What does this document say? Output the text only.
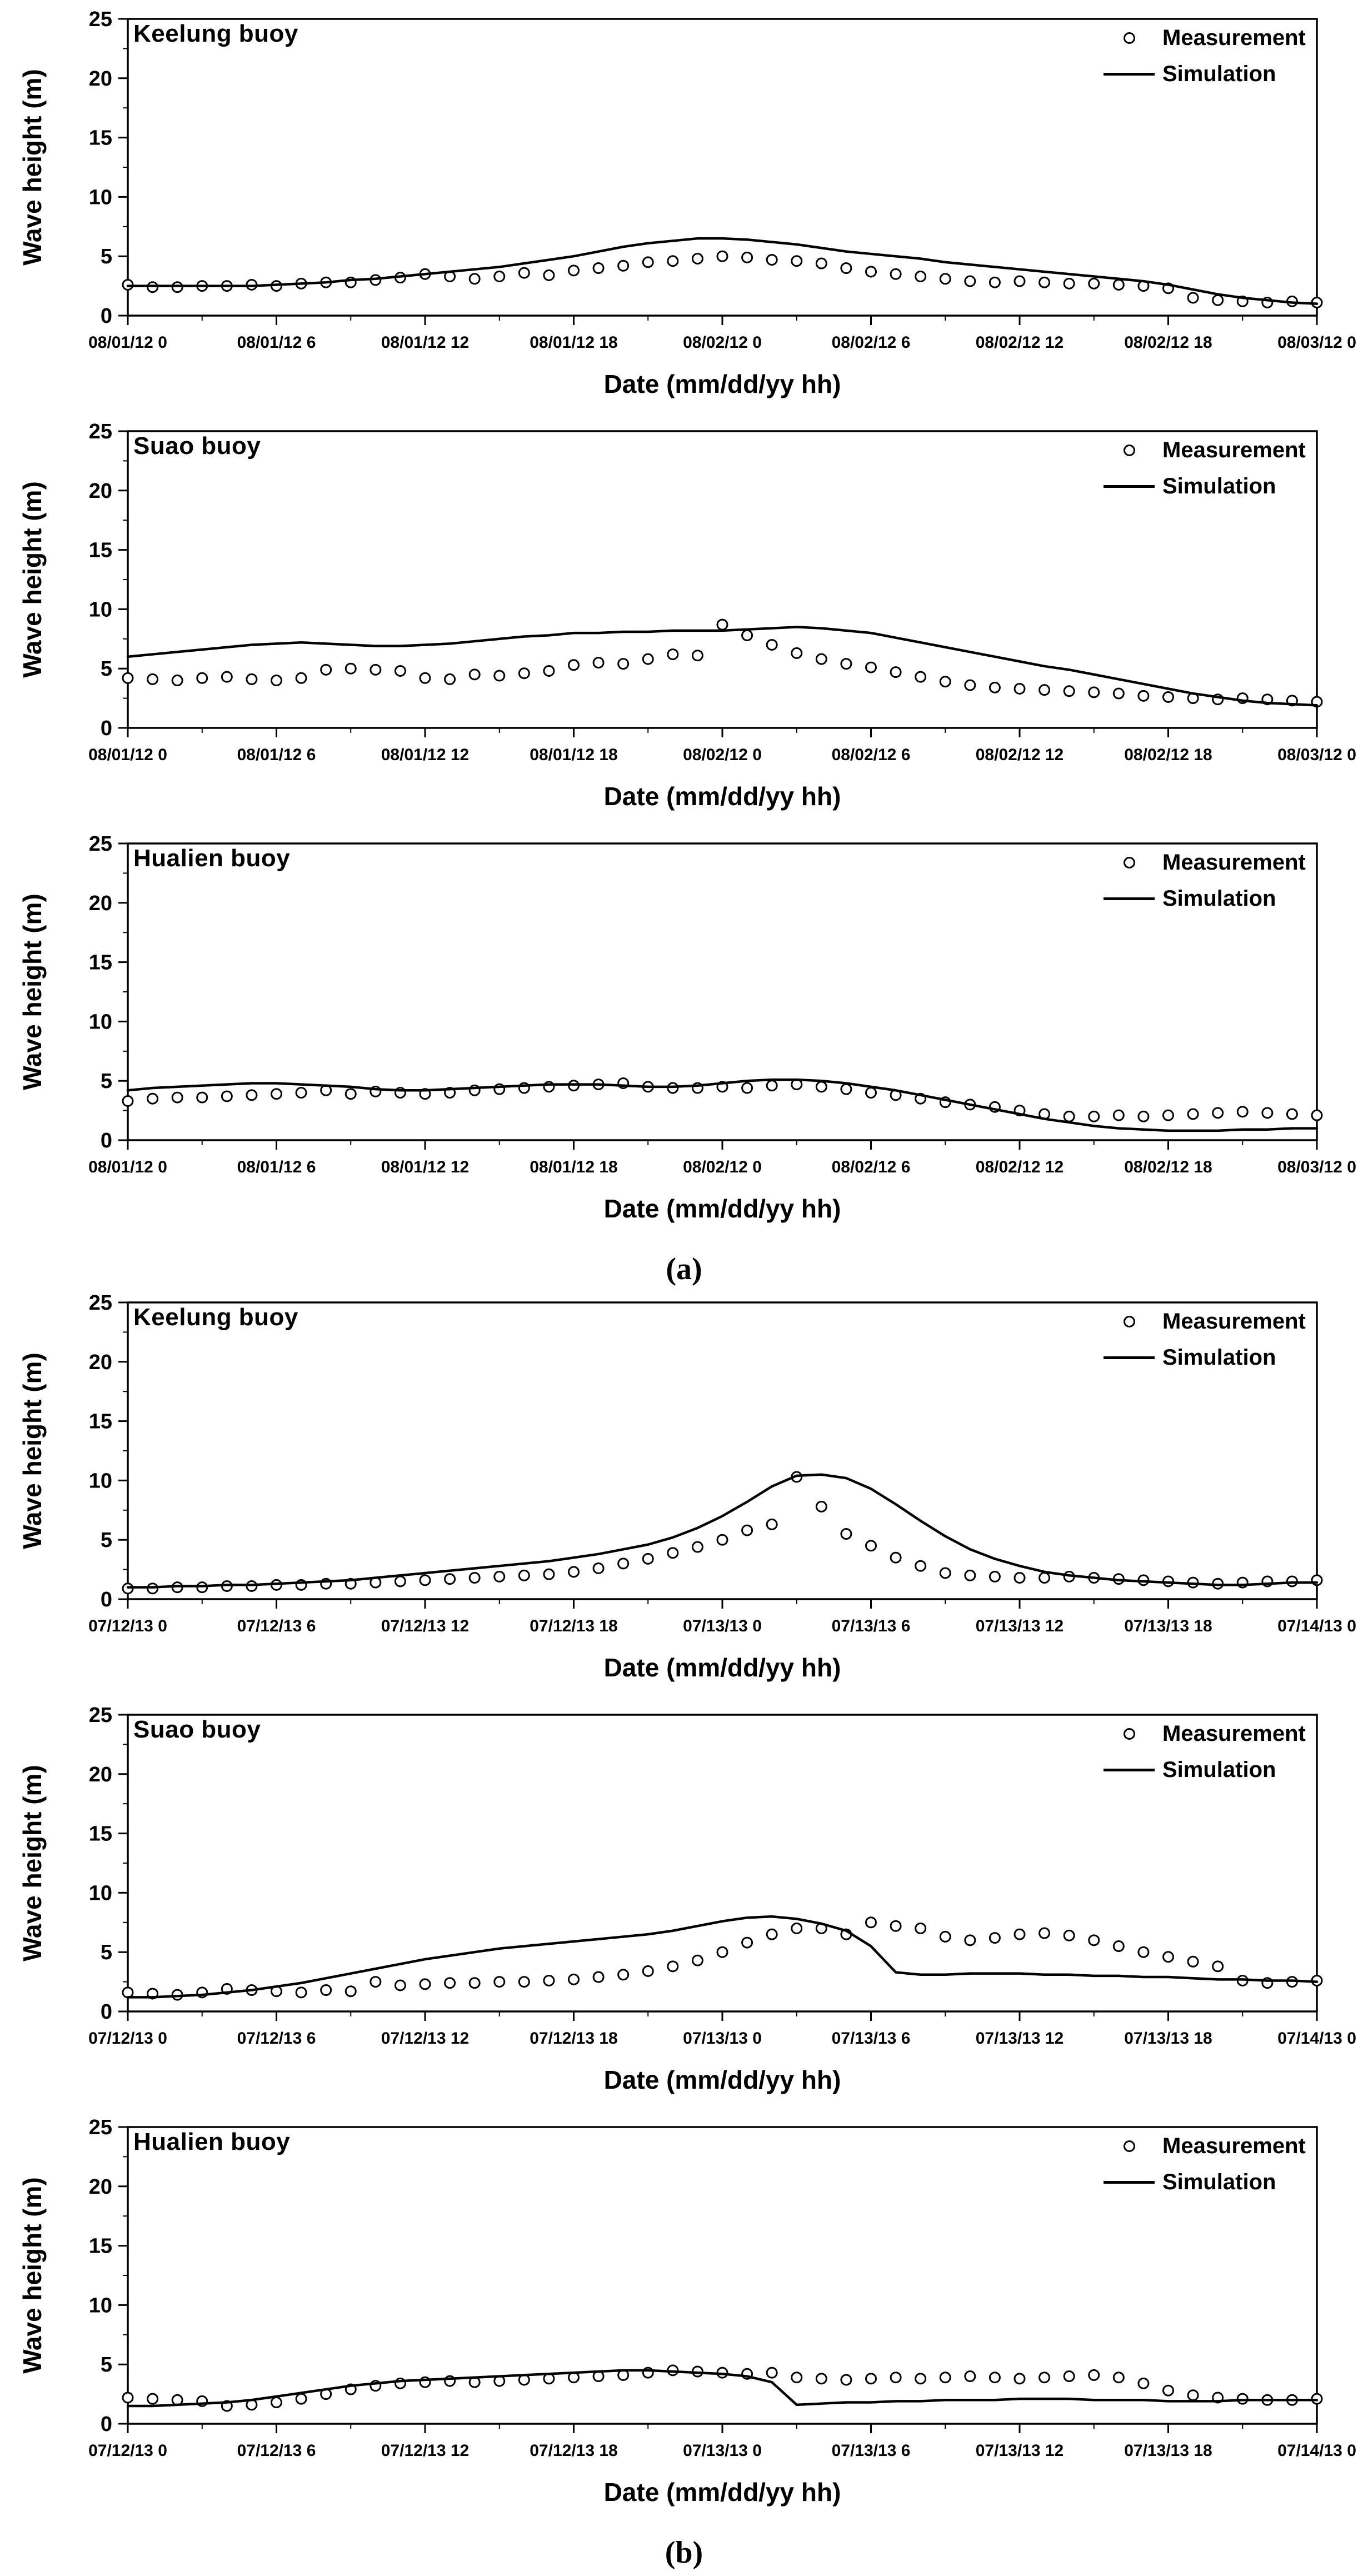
0
5
10
15
20
25
08/01/12 0	08/01/12 6	08/01/12 12	08/01/12 18	08/02/12 0	08/02/12 6	08/02/12 12	08/02/12 18	08/03/12 0
Wave height (m)
Keelung buoy	Measurement
Simulation
Date (mm/dd/yy hh)
0
5
10
15
20
25
08/01/12 0	08/01/12 6	08/01/12 12	08/01/12 18	08/02/12 0	08/02/12 6	08/02/12 12	08/02/12 18	08/03/12 0
Wave height (m)
Suao buoy	Measurement
Simulation
Date (mm/dd/yy hh)
0
5
10
15
20
25
08/01/12 0	08/01/12 6	08/01/12 12	08/01/12 18	08/02/12 0	08/02/12 6	08/02/12 12	08/02/12 18	08/03/12 0
Wave height (m)
Hualien buoy	Measurement
Simulation
Date (mm/dd/yy hh)
(a)
0
5
10
15
20
25
07/12/13 0	07/12/13 6	07/12/13 12	07/12/13 18	07/13/13 0	07/13/13 6	07/13/13 12	07/13/13 18	07/14/13 0
Wave height (m)
Keelung buoy	Measurement
Simulation
Date (mm/dd/yy hh)
0
5
10
15
20
25
07/12/13 0	07/12/13 6	07/12/13 12	07/12/13 18	07/13/13 0	07/13/13 6	07/13/13 12	07/13/13 18	07/14/13 0
Wave height (m)
Suao buoy	Measurement
Simulation
Date (mm/dd/yy hh)
0
5
10
15
20
25
07/12/13 0	07/12/13 6	07/12/13 12	07/12/13 18	07/13/13 0	07/13/13 6	07/13/13 12	07/13/13 18	07/14/13 0
Wave height (m)
Hualien buoy	Measurement
Simulation
Date (mm/dd/yy hh)
(b)
